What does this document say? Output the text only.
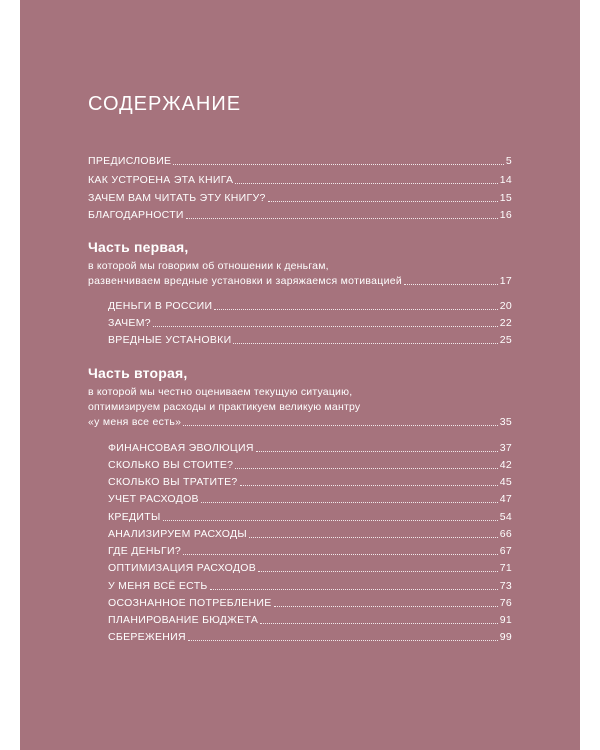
СОДЕРЖАНИЕ
ПРЕДИСЛОВИЕ	5
КАК УСТРОЕНА ЭТА КНИГА	14
ЗАЧЕМ ВАМ ЧИТАТЬ ЭТУ КНИГУ?	15
БЛАГОДАРНОСТИ	16
Часть первая,
в которой мы говорим об отношении к деньгам,
развенчиваем вредные установки и заряжаемся мотивацией	17
ДЕНЬГИ В РОССИИ	20
ЗАЧЕМ?	22
ВРЕДНЫЕ УСТАНОВКИ	25
Часть вторая,
в которой мы честно оцениваем текущую ситуацию,
оптимизируем расходы и практикуем великую мантру
«у меня все есть»	35
ФИНАНСОВАЯ ЭВОЛЮЦИЯ	37
СКОЛЬКО ВЫ СТОИТЕ?	42
СКОЛЬКО ВЫ ТРАТИТЕ?	45
УЧЕТ РАСХОДОВ	47
КРЕДИТЫ	54
АНАЛИЗИРУЕМ РАСХОДЫ	66
ГДЕ ДЕНЬГИ?	67
ОПТИМИЗАЦИЯ РАСХОДОВ	71
У МЕНЯ ВСЁ ЕСТЬ	73
ОСОЗНАННОЕ ПОТРЕБЛЕНИЕ	76
ПЛАНИРОВАНИЕ БЮДЖЕТА	91
СБЕРЕЖЕНИЯ	99
